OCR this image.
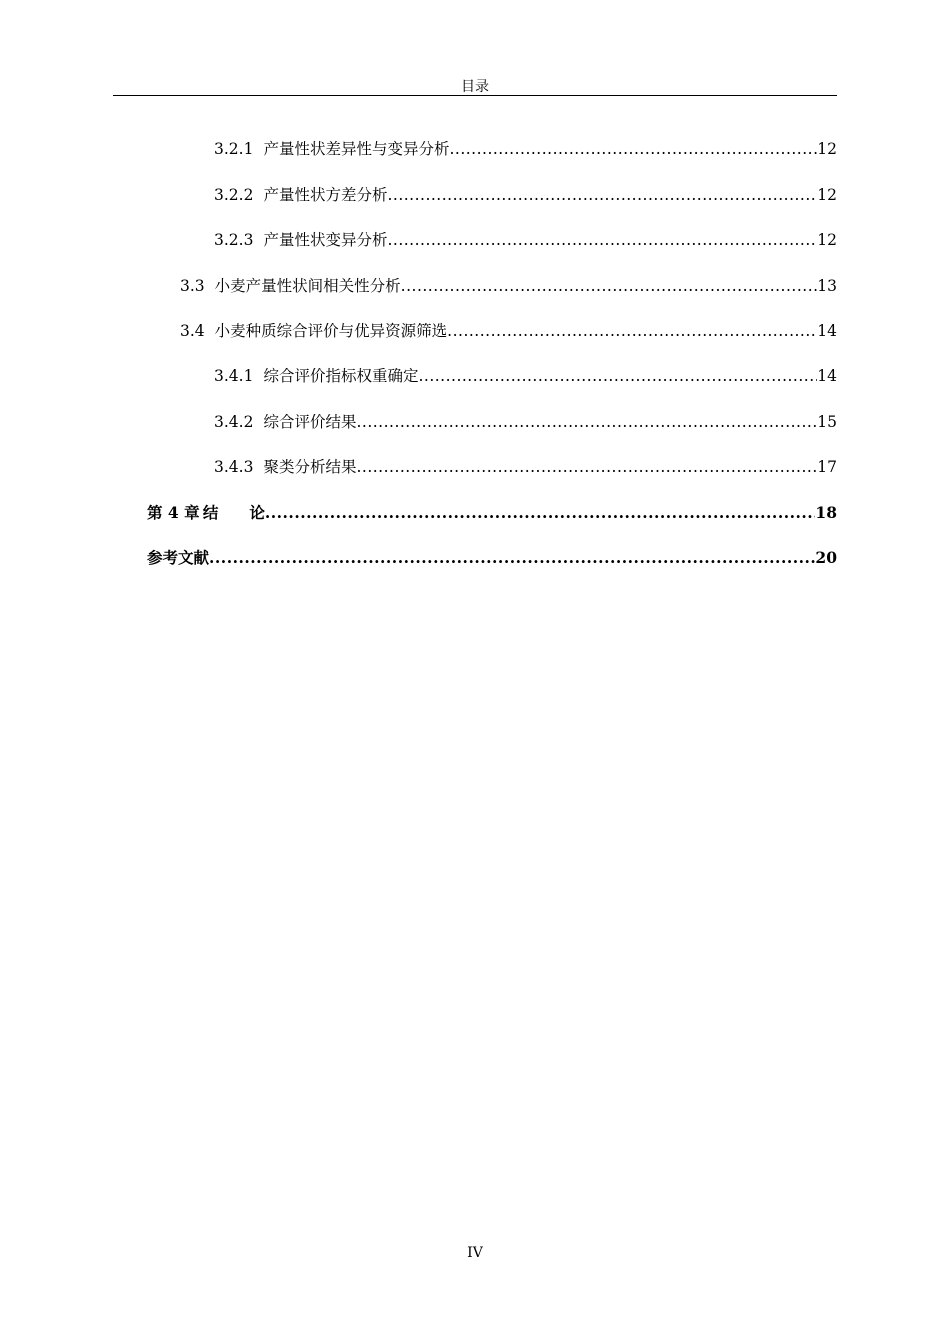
目录
3.2.1 产量性状差异性与变异分析 .....	12
3.2.2 产量性状方差分析 .....	12
3.2.3 产量性状变异分析 .....	12
3.3 小麦产量性状间相关性分析 .....	13
3.4 小麦种质综合评价与优异资源筛选 .....	14
3.4.1 综合评价指标权重确定 .....	14
3.4.2 综合评价结果 .....	15
3.4.3 聚类分析结果 .....	17
第 4 章 结　　论 .....	18
参考文献 .....	20
IV
